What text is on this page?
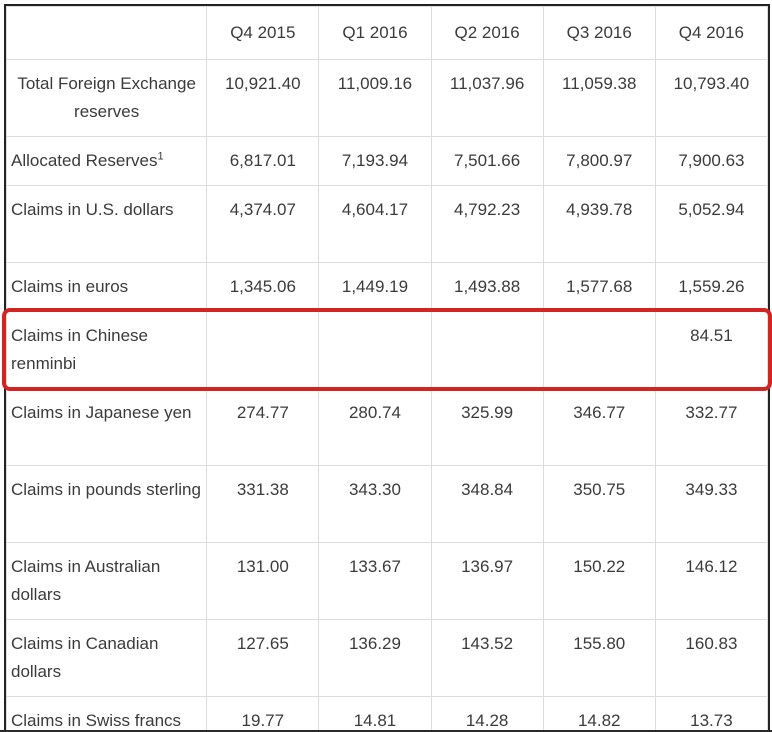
	Q4 2015	Q1 2016	Q2 2016	Q3 2016	Q4 2016
Total Foreign Exchange reserves	10,921.40	11,009.16	11,037.96	11,059.38	10,793.40
Allocated Reserves$^1$	6,817.01	7,193.94	7,501.66	7,800.97	7,900.63
Claims in U.S. dollars	4,374.07	4,604.17	4,792.23	4,939.78	5,052.94
Claims in euros	1,345.06	1,449.19	1,493.88	1,577.68	1,559.26
Claims in Chinese renminbi					84.51
Claims in Japanese yen	274.77	280.74	325.99	346.77	332.77
Claims in pounds sterling	331.38	343.30	348.84	350.75	349.33
Claims in Australian dollars	131.00	133.67	136.97	150.22	146.12
Claims in Canadian dollars	127.65	136.29	143.52	155.80	160.83
Claims in Swiss francs	19.77	14.81	14.28	14.82	13.73
